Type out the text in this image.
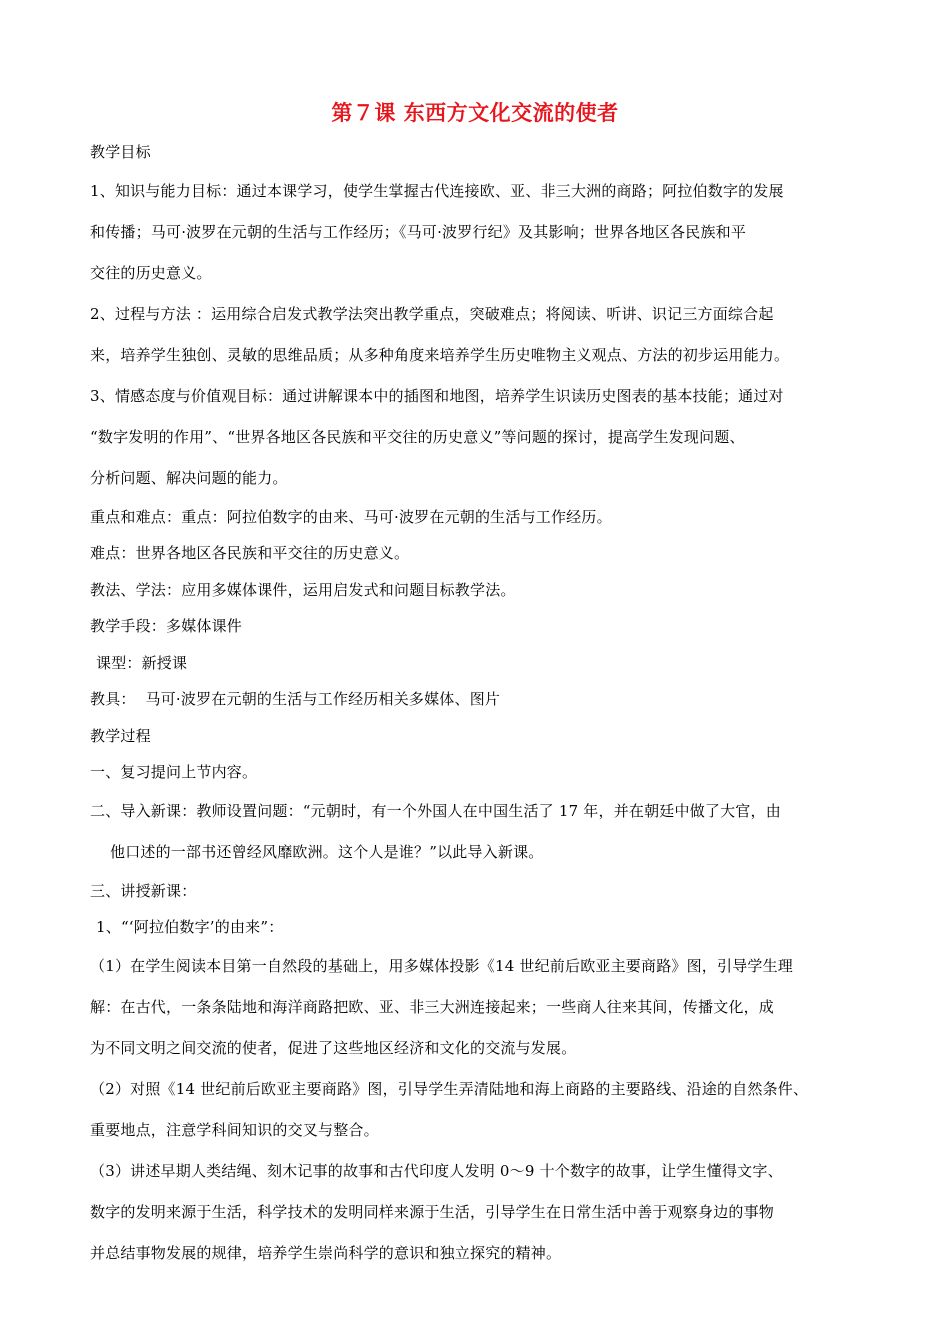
第７课 东西方文化交流的使者

教学目标

1、知识与能力目标：通过本课学习，使学生掌握古代连接欧、亚、非三大洲的商路；阿拉伯数字的发展
和传播；马可·波罗在元朝的生活与工作经历；《马可·波罗行纪》及其影响；世界各地区各民族和平
交往的历史意义。

2、过程与方法 ：运用综合启发式教学法突出教学重点，突破难点；将阅读、听讲、识记三方面综合起
来，培养学生独创、灵敏的思维品质；从多种角度来培养学生历史唯物主义观点、方法的初步运用能力。

3、情感态度与价值观目标：通过讲解课本中的插图和地图，培养学生识读历史图表的基本技能；通过对
“数字发明的作用”、“世界各地区各民族和平交往的历史意义”等问题的探讨，提高学生发现问题、
分析问题、解决问题的能力。

重点和难点：重点：阿拉伯数字的由来、马可·波罗在元朝的生活与工作经历。

难点：世界各地区各民族和平交往的历史意义。

教法、学法：应用多媒体课件，运用启发式和问题目标教学法。

教学手段：多媒体课件

课型：新授课

教具：  马可·波罗在元朝的生活与工作经历相关多媒体、图片

教学过程

一、复习提问上节内容。

二、导入新课：教师设置问题：“元朝时，有一个外国人在中国生活了 17 年，并在朝廷中做了大官，由
他口述的一部书还曾经风靡欧洲。这个人是谁？”以此导入新课。

三、讲授新课：

1、“‘阿拉伯数字’的由来”：

（1）在学生阅读本目第一自然段的基础上，用多媒体投影《14 世纪前后欧亚主要商路》图，引导学生理
解：在古代，一条条陆地和海洋商路把欧、亚、非三大洲连接起来；一些商人往来其间，传播文化，成
为不同文明之间交流的使者，促进了这些地区经济和文化的交流与发展。

（2）对照《14 世纪前后欧亚主要商路》图，引导学生弄清陆地和海上商路的主要路线、沿途的自然条件、
重要地点，注意学科间知识的交叉与整合。

（3）讲述早期人类结绳、刻木记事的故事和古代印度人发明 0～9 十个数字的故事，让学生懂得文字、
数字的发明来源于生活，科学技术的发明同样来源于生活，引导学生在日常生活中善于观察身边的事物
并总结事物发展的规律，培养学生崇尚科学的意识和独立探究的精神。
